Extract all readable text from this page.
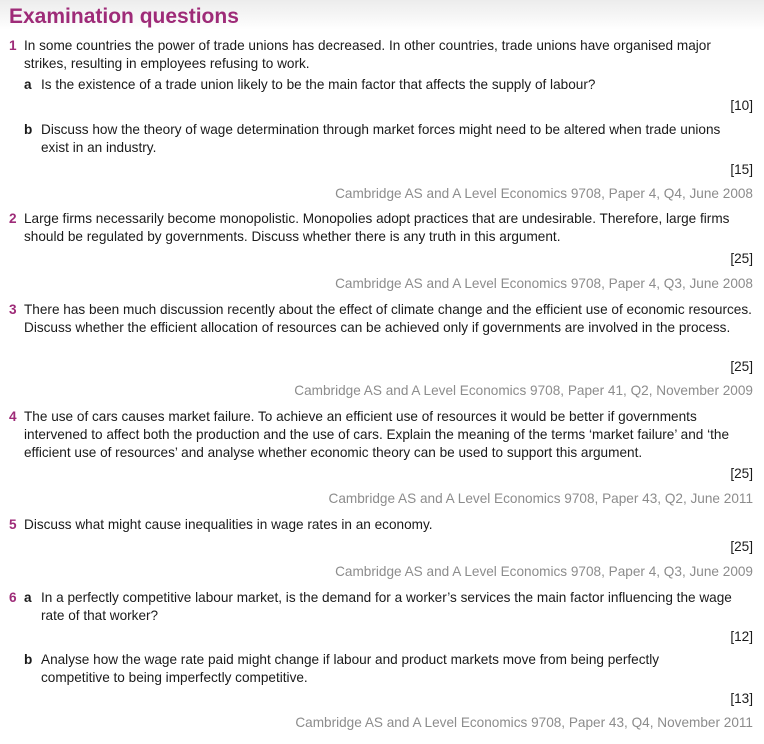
Examination questions
1 In some countries the power of trade unions has decreased. In other countries, trade unions have organised major strikes, resulting in employees refusing to work.
a Is the existence of a trade union likely to be the main factor that affects the supply of labour?
[10]
b Discuss how the theory of wage determination through market forces might need to be altered when trade unions exist in an industry.
[15]
Cambridge AS and A Level Economics 9708, Paper 4, Q4, June 2008
2 Large firms necessarily become monopolistic. Monopolies adopt practices that are undesirable. Therefore, large firms should be regulated by governments. Discuss whether there is any truth in this argument.
[25]
Cambridge AS and A Level Economics 9708, Paper 4, Q3, June 2008
3 There has been much discussion recently about the effect of climate change and the efficient use of economic resources. Discuss whether the efficient allocation of resources can be achieved only if governments are involved in the process.
[25]
Cambridge AS and A Level Economics 9708, Paper 41, Q2, November 2009
4 The use of cars causes market failure. To achieve an efficient use of resources it would be better if governments intervened to affect both the production and the use of cars. Explain the meaning of the terms ‘market failure’ and ‘the efficient use of resources’ and analyse whether economic theory can be used to support this argument.
[25]
Cambridge AS and A Level Economics 9708, Paper 43, Q2, June 2011
5 Discuss what might cause inequalities in wage rates in an economy.
[25]
Cambridge AS and A Level Economics 9708, Paper 4, Q3, June 2009
6 a In a perfectly competitive labour market, is the demand for a worker’s services the main factor influencing the wage rate of that worker?
[12]
b Analyse how the wage rate paid might change if labour and product markets move from being perfectly competitive to being imperfectly competitive.
[13]
Cambridge AS and A Level Economics 9708, Paper 43, Q4, November 2011
